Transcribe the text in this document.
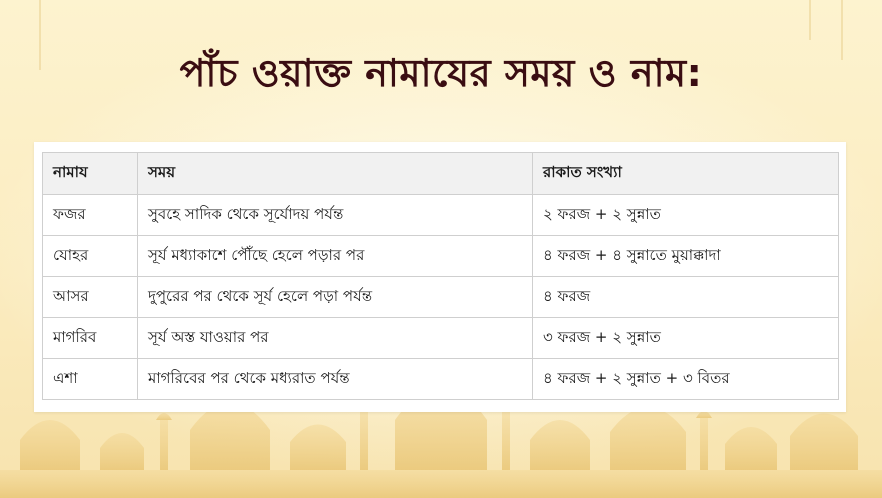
পাঁচ ওয়াক্ত নামাযের সময় ও নাম:
নামায	সময়	রাকাত সংখ্যা
ফজর	সুবহে সাদিক থেকে সূর্যোদয় পর্যন্ত	২ ফরজ + ২ সুন্নাত
যোহর	সূর্য মধ্যাকাশে পৌঁছে হেলে পড়ার পর	৪ ফরজ + ৪ সুন্নাতে মুয়াক্কাদা
আসর	দুপুরের পর থেকে সূর্য হেলে পড়া পর্যন্ত	৪ ফরজ
মাগরিব	সূর্য অস্ত যাওয়ার পর	৩ ফরজ + ২ সুন্নাত
এশা	মাগরিবের পর থেকে মধ্যরাত পর্যন্ত	৪ ফরজ + ২ সুন্নাত + ৩ বিতর
